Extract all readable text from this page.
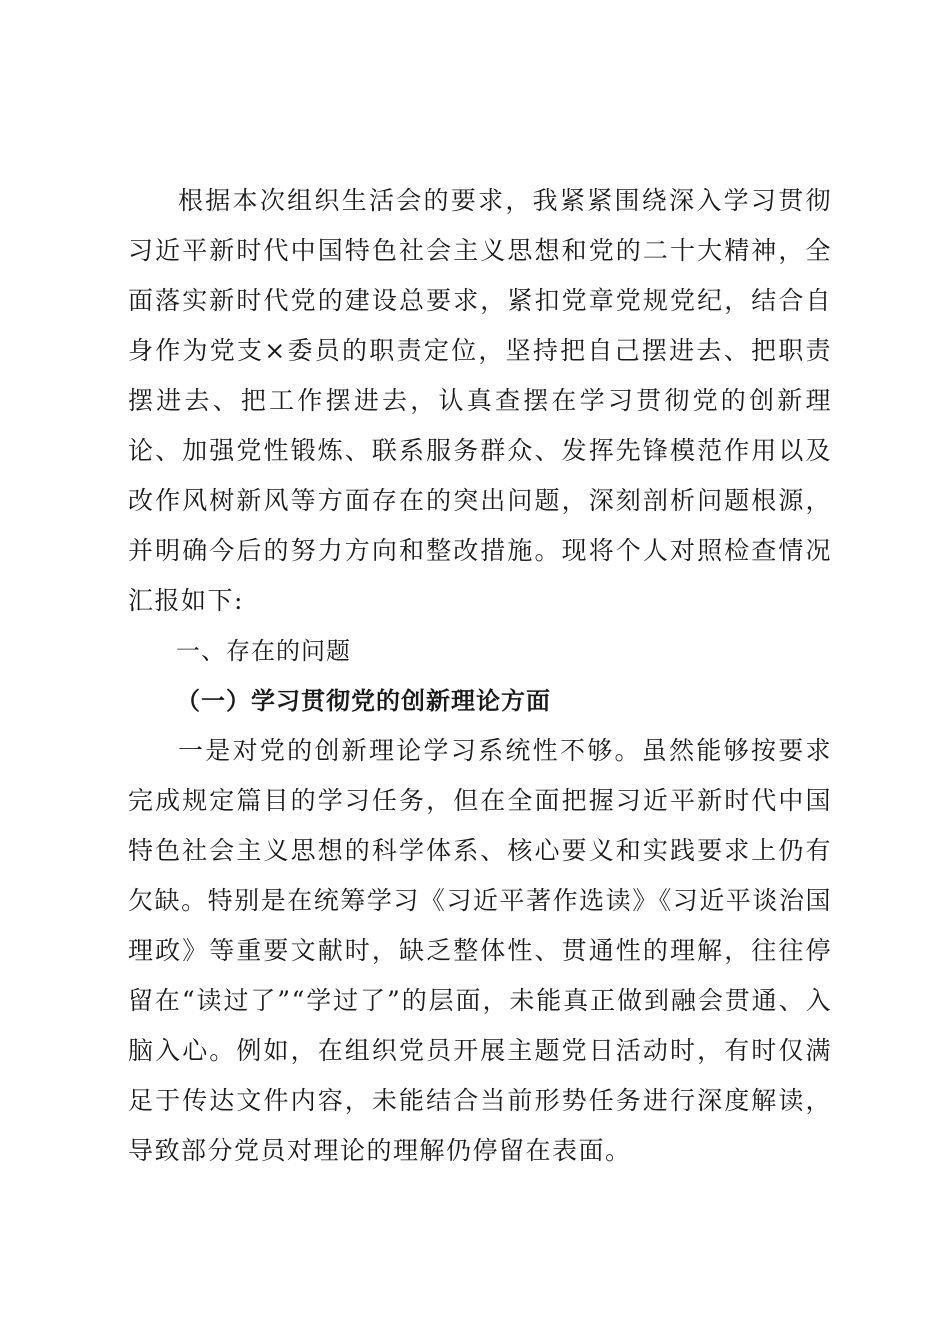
根据本次组织生活会的要求，我紧紧围绕深入学习贯彻习近平新时代中国特色社会主义思想和党的二十大精神，全面落实新时代党的建设总要求，紧扣党章党规党纪，结合自身作为党支×委员的职责定位，坚持把自己摆进去、把职责摆进去、把工作摆进去，认真查摆在学习贯彻党的创新理论、加强党性锻炼、联系服务群众、发挥先锋模范作用以及改作风树新风等方面存在的突出问题，深刻剖析问题根源，并明确今后的努力方向和整改措施。现将个人对照检查情况汇报如下:

一、存在的问题

（一）学习贯彻党的创新理论方面

一是对党的创新理论学习系统性不够。虽然能够按要求完成规定篇目的学习任务，但在全面把握习近平新时代中国特色社会主义思想的科学体系、核心要义和实践要求上仍有欠缺。特别是在统筹学习《习近平著作选读》《习近平谈治国理政》等重要文献时，缺乏整体性、贯通性的理解，往往停留在“读过了”“学过了”的层面，未能真正做到融会贯通、入脑入心。例如，在组织党员开展主题党日活动时，有时仅满足于传达文件内容，未能结合当前形势任务进行深度解读，导致部分党员对理论的理解仍停留在表面。
